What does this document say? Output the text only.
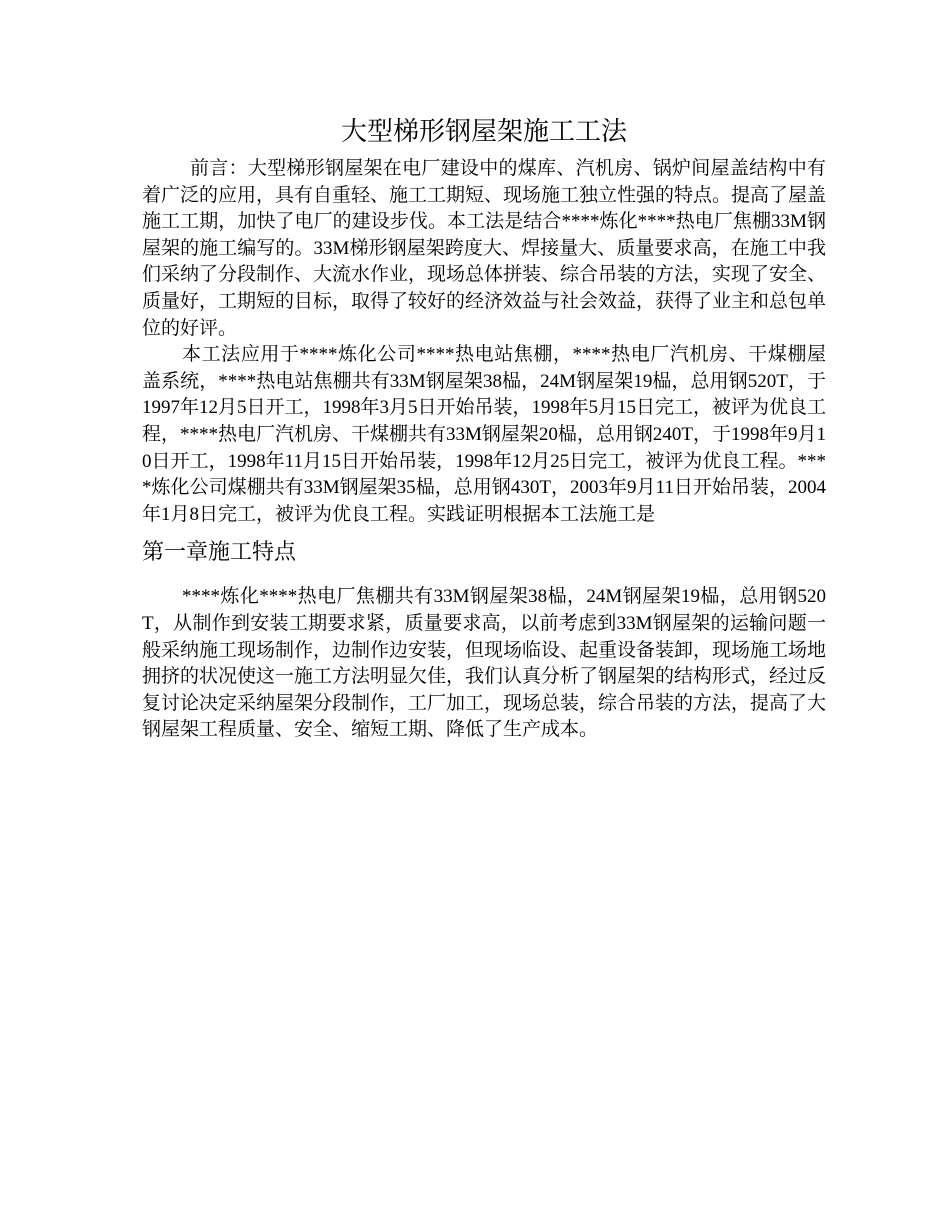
大型梯形钢屋架施工工法

前言：大型梯形钢屋架在电厂建设中的煤库、汽机房、锅炉间屋盖结构中有着广泛的应用，具有自重轻、施工工期短、现场施工独立性强的特点。提高了屋盖施工工期，加快了电厂的建设步伐。本工法是结合****炼化****热电厂焦棚33M钢屋架的施工编写的。33M梯形钢屋架跨度大、焊接量大、质量要求高，在施工中我们采纳了分段制作、大流水作业，现场总体拼装、综合吊装的方法，实现了安全、质量好，工期短的目标，取得了较好的经济效益与社会效益，获得了业主和总包单位的好评。

本工法应用于****炼化公司****热电站焦棚，****热电厂汽机房、干煤棚屋盖系统，****热电站焦棚共有33M钢屋架38榀，24M钢屋架19榀，总用钢520T，于1997年12月5日开工，1998年3月5日开始吊装，1998年5月15日完工，被评为优良工程，****热电厂汽机房、干煤棚共有33M钢屋架20榀，总用钢240T，于1998年9月10日开工，1998年11月15日开始吊装，1998年12月25日完工，被评为优良工程。****炼化公司煤棚共有33M钢屋架35榀，总用钢430T，2003年9月11日开始吊装，2004年1月8日完工，被评为优良工程。实践证明根据本工法施工是

第一章施工特点

****炼化****热电厂焦棚共有33M钢屋架38榀，24M钢屋架19榀，总用钢520T，从制作到安装工期要求紧，质量要求高，以前考虑到33M钢屋架的运输问题一般采纳施工现场制作，边制作边安装，但现场临设、起重设备装卸，现场施工场地拥挤的状况使这一施工方法明显欠佳，我们认真分析了钢屋架的结构形式，经过反复讨论决定采纳屋架分段制作，工厂加工，现场总装，综合吊装的方法，提高了大钢屋架工程质量、安全、缩短工期、降低了生产成本。
